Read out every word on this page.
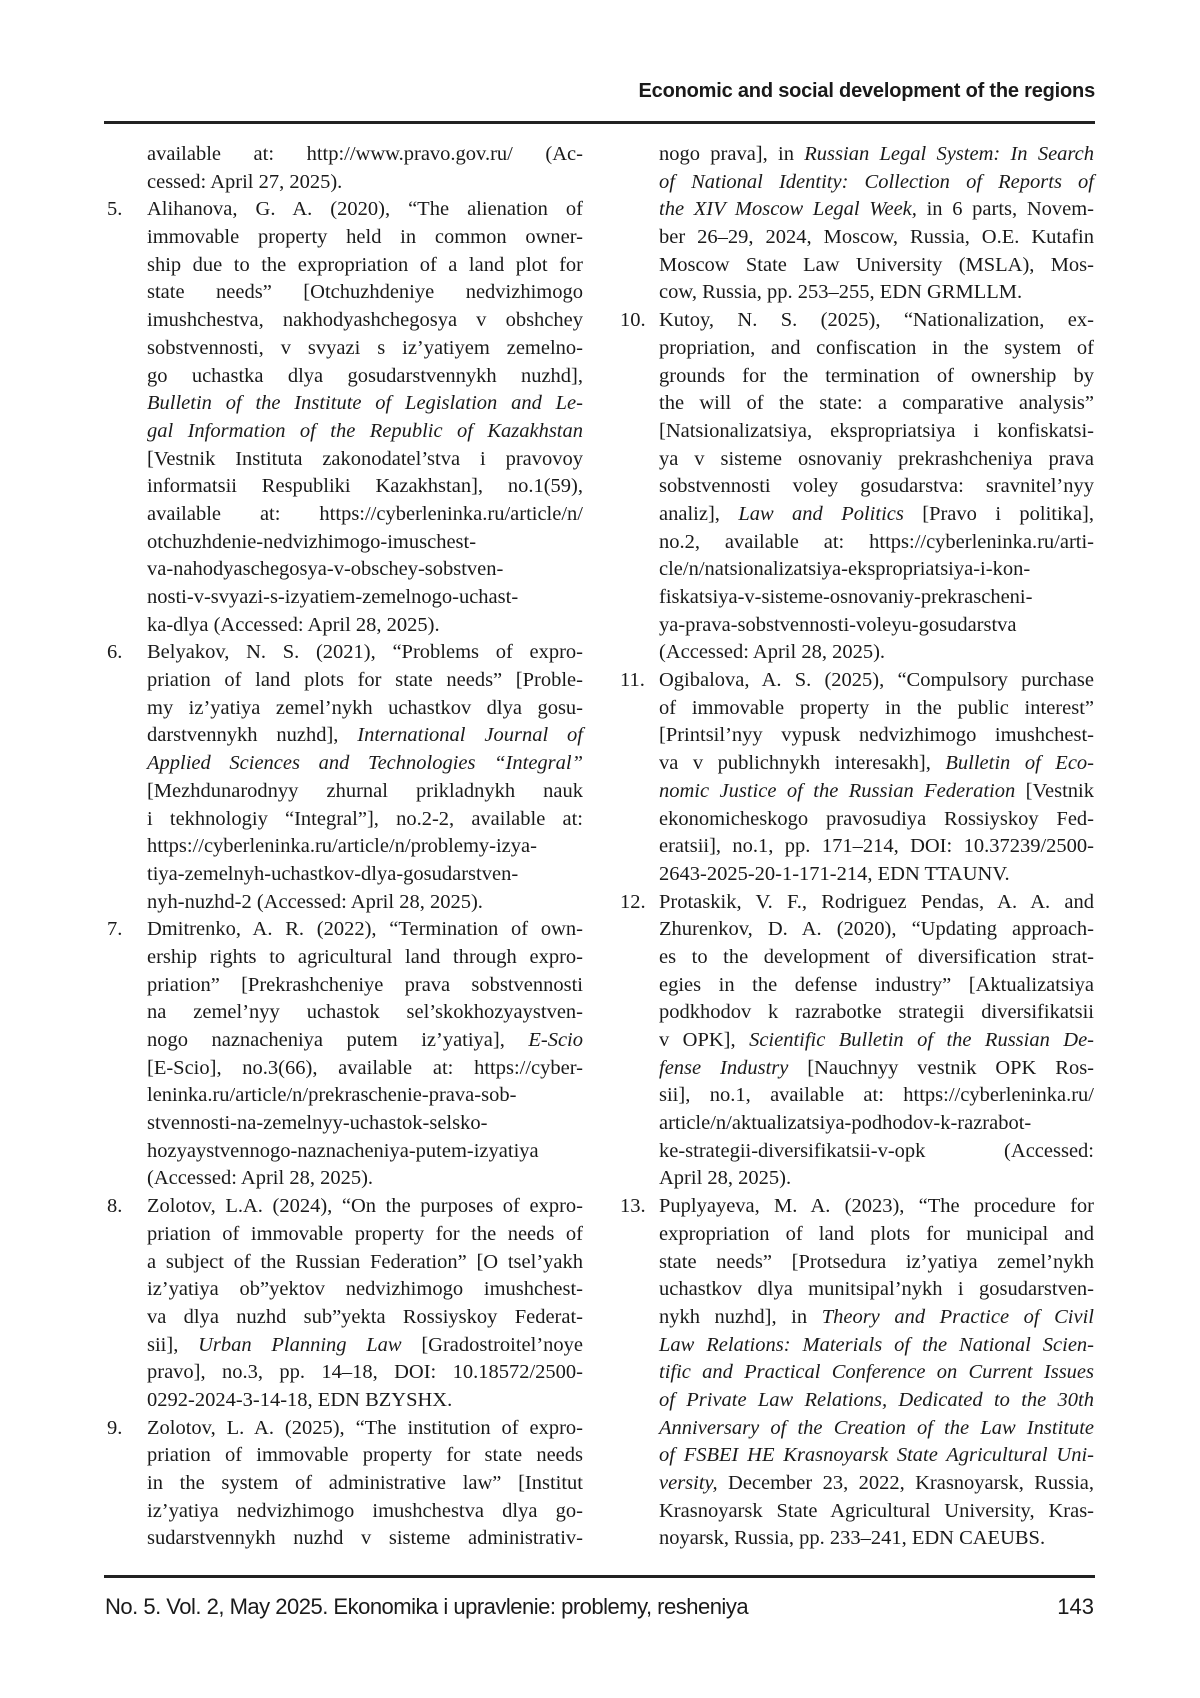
Economic and social development of the regions
available at: http://www.pravo.gov.ru/ (Ac-
cessed: April 27, 2025).
5. Alihanova, G. A. (2020), “The alienation of
immovable property held in common owner-
ship due to the expropriation of a land plot for
state needs” [Otchuzhdeniye nedvizhimogo
imushchestva, nakhodyashchegosya v obshchey
sobstvennosti, v svyazi s iz’yatiyem zemelno-
go uchastka dlya gosudarstvennykh nuzhd],
Bulletin of the Institute of Legislation and Le-
gal Information of the Republic of Kazakhstan
[Vestnik Instituta zakonodatel’stva i pravovoy
informatsii Respubliki Kazakhstan], no.1(59),
available at: https://cyberleninka.ru/article/n/
otchuzhdenie-nedvizhimogo-imuschest-
va-nahodyaschegosya-v-obschey-sobstven-
nosti-v-svyazi-s-izyatiem-zemelnogo-uchast-
ka-dlya (Accessed: April 28, 2025).
6. Belyakov, N. S. (2021), “Problems of expro-
priation of land plots for state needs” [Proble-
my iz’yatiya zemel’nykh uchastkov dlya gosu-
darstvennykh nuzhd], International Journal of
Applied Sciences and Technologies “Integral”
[Mezhdunarodnyy zhurnal prikladnykh nauk
i tekhnologiy “Integral”], no.2-2, available at:
https://cyberleninka.ru/article/n/problemy-izya-
tiya-zemelnyh-uchastkov-dlya-gosudarstven-
nyh-nuzhd-2 (Accessed: April 28, 2025).
7. Dmitrenko, A. R. (2022), “Termination of own-
ership rights to agricultural land through expro-
priation” [Prekrashcheniye prava sobstvennosti
na zemel’nyy uchastok sel’skokhozyaystven-
nogo naznacheniya putem iz’yatiya], E-Scio
[E-Scio], no.3(66), available at: https://cyber-
leninka.ru/article/n/prekraschenie-prava-sob-
stvennosti-na-zemelnyy-uchastok-selsko-
hozyaystvennogo-naznacheniya-putem-izyatiya
(Accessed: April 28, 2025).
8. Zolotov, L.A. (2024), “On the purposes of expro-
priation of immovable property for the needs of
a subject of the Russian Federation” [O tsel’yakh
iz’yatiya ob”yektov nedvizhimogo imushchest-
va dlya nuzhd sub”yekta Rossiyskoy Federat-
sii], Urban Planning Law [Gradostroitel’noye
pravo], no.3, pp. 14–18, DOI: 10.18572/2500-
0292-2024-3-14-18, EDN BZYSHX.
9. Zolotov, L. A. (2025), “The institution of expro-
priation of immovable property for state needs
in the system of administrative law” [Institut
iz’yatiya nedvizhimogo imushchestva dlya go-
sudarstvennykh nuzhd v sisteme administrativ-
nogo prava], in Russian Legal System: In Search
of National Identity: Collection of Reports of
the XIV Moscow Legal Week, in 6 parts, Novem-
ber 26–29, 2024, Moscow, Russia, O.E. Kutafin
Moscow State Law University (MSLA), Mos-
cow, Russia, pp. 253–255, EDN GRMLLM.
10. Kutoy, N. S. (2025), “Nationalization, ex-
propriation, and confiscation in the system of
grounds for the termination of ownership by
the will of the state: a comparative analysis”
[Natsionalizatsiya, ekspropriatsiya i konfiskatsi-
ya v sisteme osnovaniy prekrashcheniya prava
sobstvennosti voley gosudarstva: sravnitel’nyy
analiz], Law and Politics [Pravo i politika],
no.2, available at: https://cyberleninka.ru/arti-
cle/n/natsionalizatsiya-ekspropriatsiya-i-kon-
fiskatsiya-v-sisteme-osnovaniy-prekrascheni-
ya-prava-sobstvennosti-voleyu-gosudarstva
(Accessed: April 28, 2025).
11. Ogibalova, A. S. (2025), “Compulsory purchase
of immovable property in the public interest”
[Printsil’nyy vypusk nedvizhimogo imushchest-
va v publichnykh interesakh], Bulletin of Eco-
nomic Justice of the Russian Federation [Vestnik
ekonomicheskogo pravosudiya Rossiyskoy Fed-
eratsii], no.1, pp. 171–214, DOI: 10.37239/2500-
2643-2025-20-1-171-214, EDN TTAUNV.
12. Protaskik, V. F., Rodriguez Pendas, A. A. and
Zhurenkov, D. A. (2020), “Updating approach-
es to the development of diversification strat-
egies in the defense industry” [Aktualizatsiya
podkhodov k razrabotke strategii diversifikatsii
v OPK], Scientific Bulletin of the Russian De-
fense Industry [Nauchnyy vestnik OPK Ros-
sii], no.1, available at: https://cyberleninka.ru/
article/n/aktualizatsiya-podhodov-k-razrabot-
ke-strategii-diversifikatsii-v-opk (Accessed:
April 28, 2025).
13. Puplyayeva, M. A. (2023), “The procedure for
expropriation of land plots for municipal and
state needs” [Protsedura iz’yatiya zemel’nykh
uchastkov dlya munitsipal’nykh i gosudarstven-
nykh nuzhd], in Theory and Practice of Civil
Law Relations: Materials of the National Scien-
tific and Practical Conference on Current Issues
of Private Law Relations, Dedicated to the 30th
Anniversary of the Creation of the Law Institute
of FSBEI HE Krasnoyarsk State Agricultural Uni-
versity, December 23, 2022, Krasnoyarsk, Russia,
Krasnoyarsk State Agricultural University, Kras-
noyarsk, Russia, pp. 233–241, EDN CAEUBS.
No. 5. Vol. 2, May 2025. Ekonomika i upravlenie: problemy, resheniya	143
